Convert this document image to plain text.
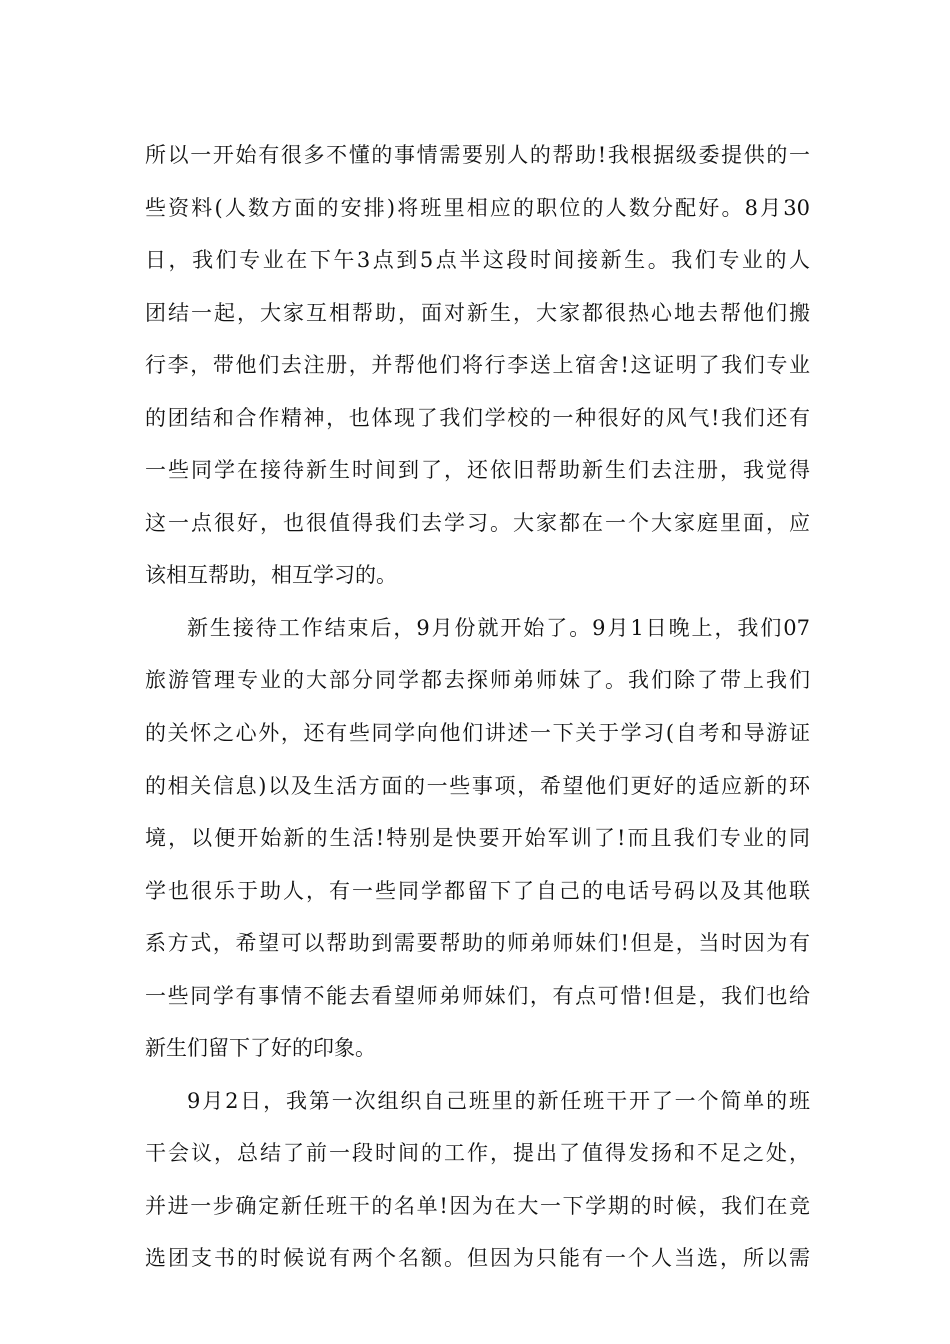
所以一开始有很多不懂的事情需要别人的帮助!我根据级委提供的一
些资料(人数方面的安排)将班里相应的职位的人数分配好。8月30
日，我们专业在下午3点到5点半这段时间接新生。我们专业的人
团结一起，大家互相帮助，面对新生，大家都很热心地去帮他们搬
行李，带他们去注册，并帮他们将行李送上宿舍!这证明了我们专业
的团结和合作精神，也体现了我们学校的一种很好的风气!我们还有
一些同学在接待新生时间到了，还依旧帮助新生们去注册，我觉得
这一点很好，也很值得我们去学习。大家都在一个大家庭里面，应
该相互帮助，相互学习的。
新生接待工作结束后，9月份就开始了。9月1日晚上，我们07
旅游管理专业的大部分同学都去探师弟师妹了。我们除了带上我们
的关怀之心外，还有些同学向他们讲述一下关于学习(自考和导游证
的相关信息)以及生活方面的一些事项，希望他们更好的适应新的环
境，以便开始新的生活!特别是快要开始军训了!而且我们专业的同
学也很乐于助人，有一些同学都留下了自己的电话号码以及其他联
系方式，希望可以帮助到需要帮助的师弟师妹们!但是，当时因为有
一些同学有事情不能去看望师弟师妹们，有点可惜!但是，我们也给
新生们留下了好的印象。
9月2日，我第一次组织自己班里的新任班干开了一个简单的班
干会议，总结了前一段时间的工作，提出了值得发扬和不足之处，
并进一步确定新任班干的名单!因为在大一下学期的时候，我们在竞
选团支书的时候说有两个名额。但因为只能有一个人当选，所以需
